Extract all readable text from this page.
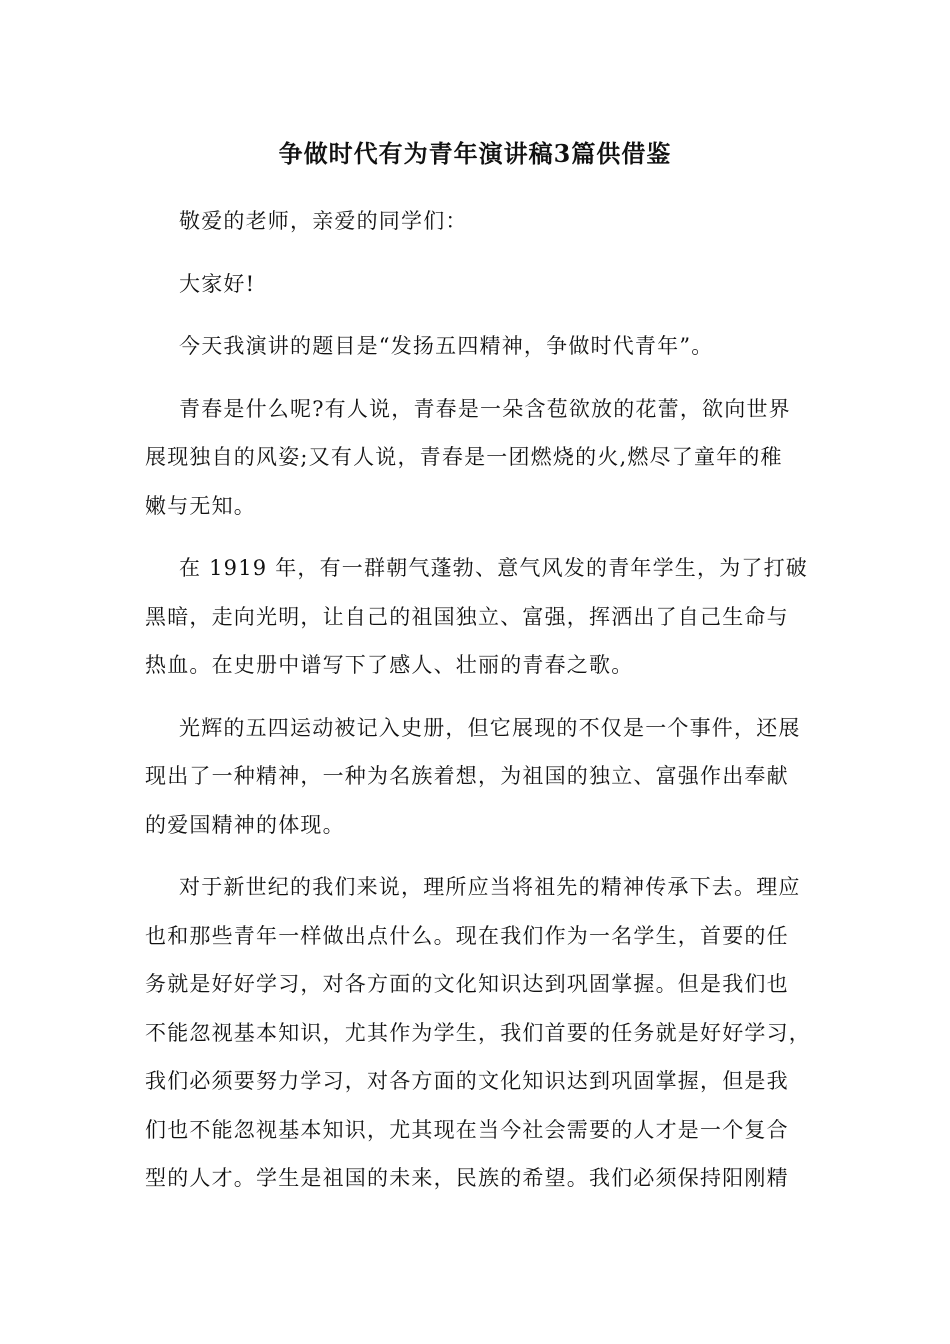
争做时代有为青年演讲稿3篇供借鉴
敬爱的老师，亲爱的同学们：
大家好!
今天我演讲的题目是“发扬五四精神，争做时代青年”。
青春是什么呢?有人说，青春是一朵含苞欲放的花蕾，欲向世界
展现独自的风姿;又有人说，青春是一团燃烧的火,燃尽了童年的稚
嫩与无知。
在 1919 年，有一群朝气蓬勃、意气风发的青年学生，为了打破
黑暗，走向光明，让自己的祖国独立、富强，挥洒出了自己生命与
热血。在史册中谱写下了感人、壮丽的青春之歌。
光辉的五四运动被记入史册，但它展现的不仅是一个事件，还展
现出了一种精神，一种为名族着想，为祖国的独立、富强作出奉献
的爱国精神的体现。
对于新世纪的我们来说，理所应当将祖先的精神传承下去。理应
也和那些青年一样做出点什么。现在我们作为一名学生，首要的任
务就是好好学习，对各方面的文化知识达到巩固掌握。但是我们也
不能忽视基本知识，尤其作为学生，我们首要的任务就是好好学习，
我们必须要努力学习，对各方面的文化知识达到巩固掌握，但是我
们也不能忽视基本知识，尤其现在当今社会需要的人才是一个复合
型的人才。学生是祖国的未来，民族的希望。我们必须保持阳刚精
